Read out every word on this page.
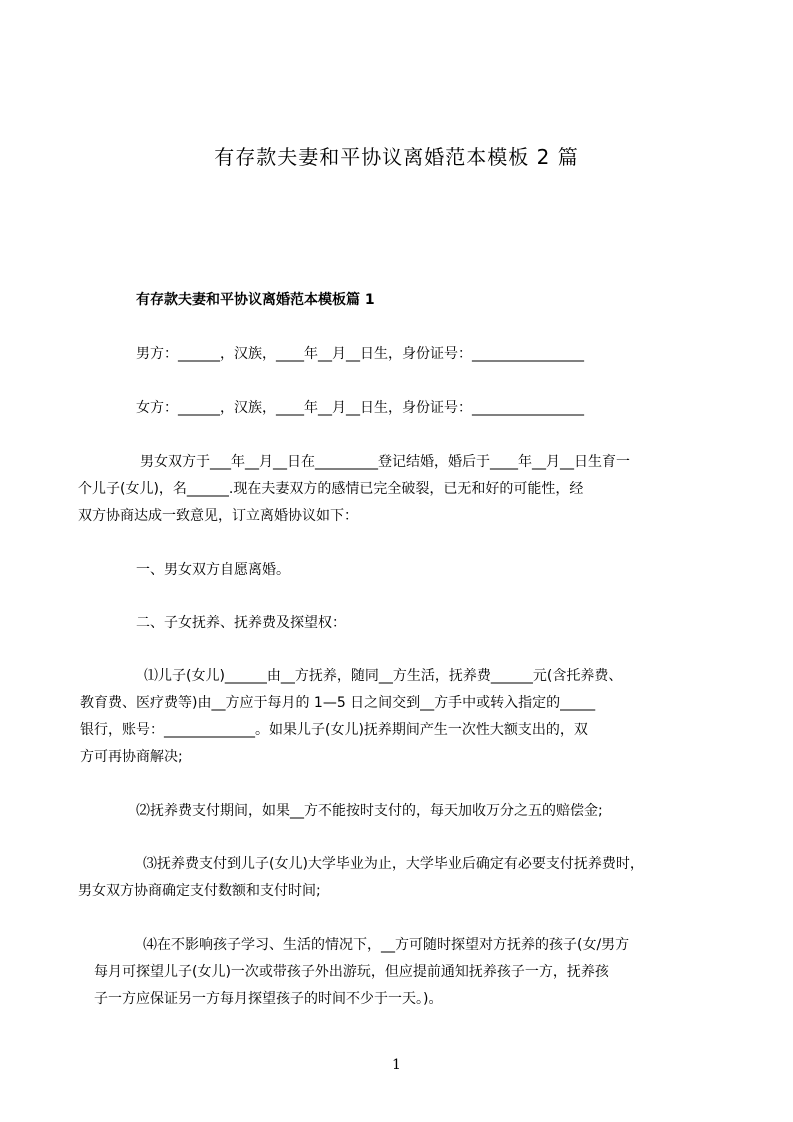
有存款夫妻和平协议离婚范本模板 2 篇
有存款夫妻和平协议离婚范本模板篇 1
男方：______，汉族，____年__月__日生，身份证号：________________
女方：______，汉族，____年__月__日生，身份证号：________________
男女双方于___年__月__日在_________登记结婚，婚后于____年__月__日生育一
个儿子(女儿)，名______.现在夫妻双方的感情已完全破裂，已无和好的可能性，经
双方协商达成一致意见，订立离婚协议如下：
一、男女双方自愿离婚。
二、子女抚养、抚养费及探望权：
⑴儿子(女儿)______由__方抚养，随同__方生活，抚养费______元(含托养费、
教育费、医疗费等)由__方应于每月的 1—5 日之间交到__方手中或转入指定的_____
银行，账号：_____________。如果儿子(女儿)抚养期间产生一次性大额支出的，双
方可再协商解决;
⑵抚养费支付期间，如果__方不能按时支付的，每天加收万分之五的赔偿金;
⑶抚养费支付到儿子(女儿)大学毕业为止，大学毕业后确定有必要支付抚养费时，
男女双方协商确定支付数额和支付时间;
⑷在不影响孩子学习、生活的情况下，__方可随时探望对方抚养的孩子(女/男方
每月可探望儿子(女儿)一次或带孩子外出游玩，但应提前通知抚养孩子一方，抚养孩
子一方应保证另一方每月探望孩子的时间不少于一天。)。
1
